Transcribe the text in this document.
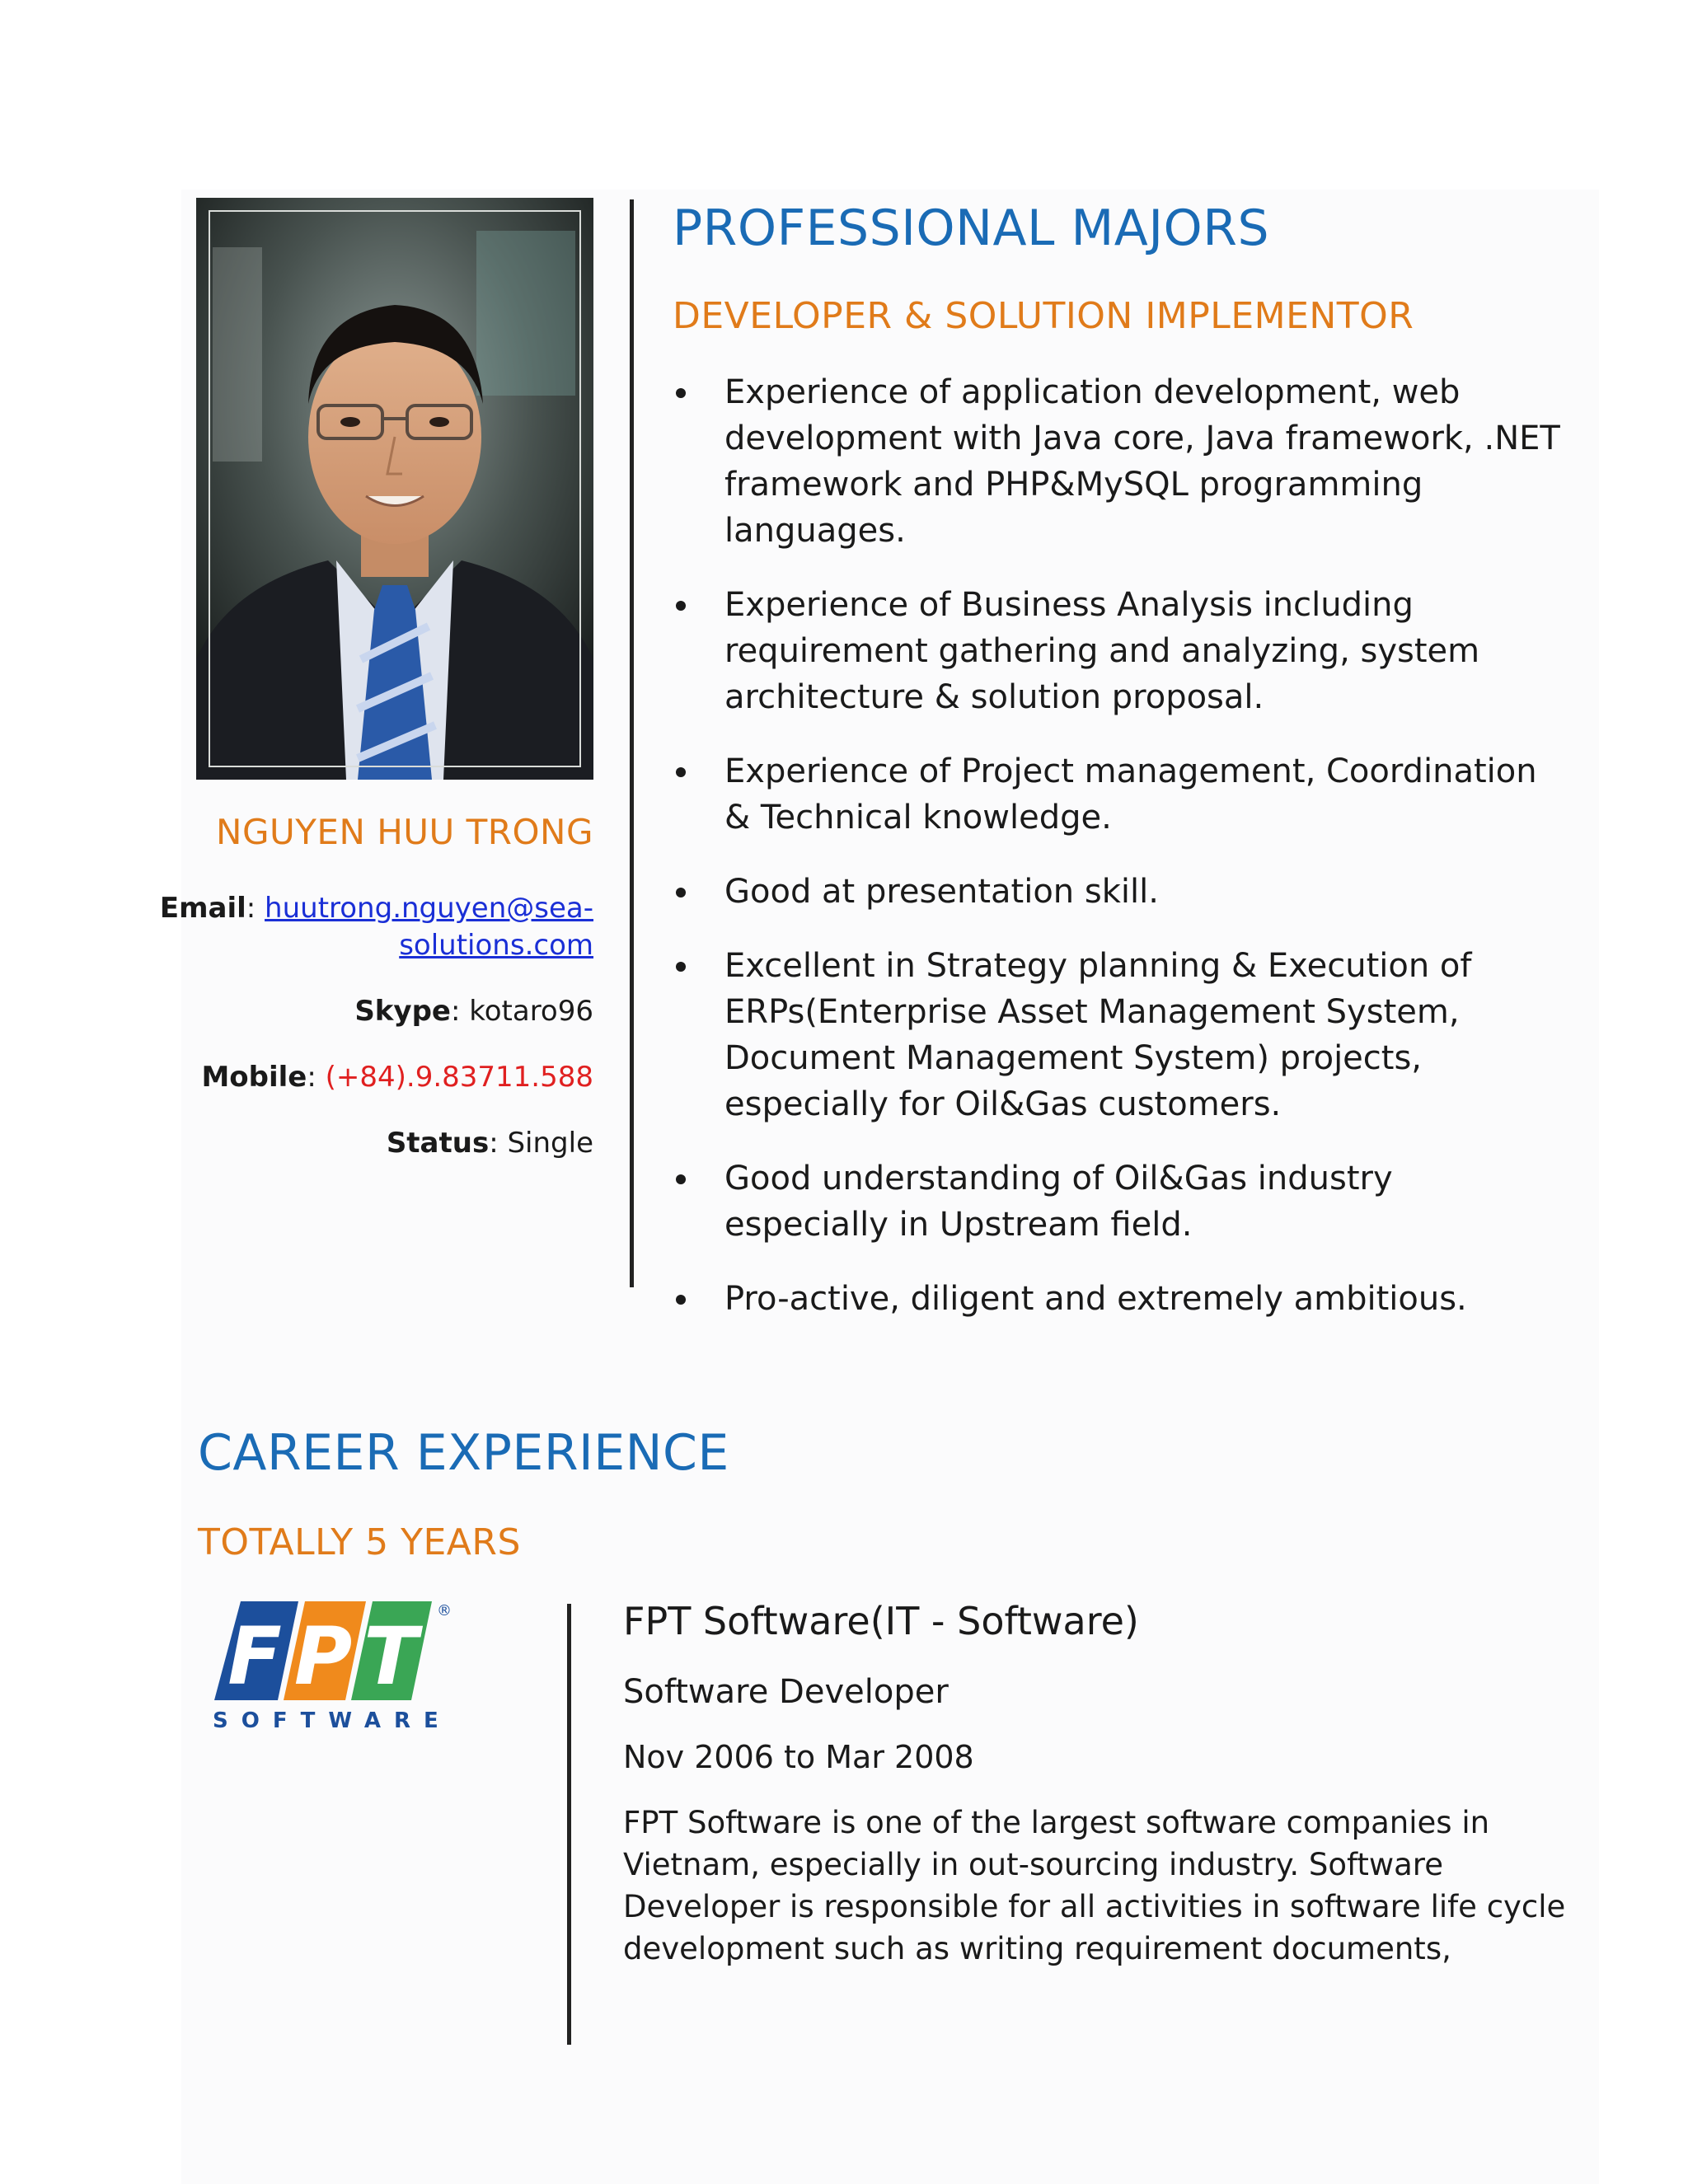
NGUYEN HUU TRONG
Email: huutrong.nguyen@sea-
solutions.com
Skype: kotaro96
Mobile: (+84).9.83711.588
Status: Single
PROFESSIONAL MAJORS
DEVELOPER & SOLUTION IMPLEMENTOR
Experience of application development, web development with Java core, Java framework, .NET framework and PHP&MySQL programming languages.
Experience of Business Analysis including requirement gathering and analyzing, system architecture & solution proposal.
Experience of Project management, Coordination & Technical knowledge.
Good at presentation skill.
Excellent in Strategy planning & Execution of ERPs(Enterprise Asset Management System, Document Management System) projects, especially for Oil&Gas customers.
Good understanding of Oil&Gas industry especially in Upstream field.
Pro-active, diligent and extremely ambitious.
CAREER EXPERIENCE
TOTALLY 5 YEARS
F P T	®
SOFTWARE
FPT Software(IT - Software)
Software Developer
Nov 2006 to Mar 2008

FPT Software is one of the largest software companies in Vietnam, especially in out-sourcing industry. Software Developer is responsible for all activities in software life cycle development such as writing requirement documents,
